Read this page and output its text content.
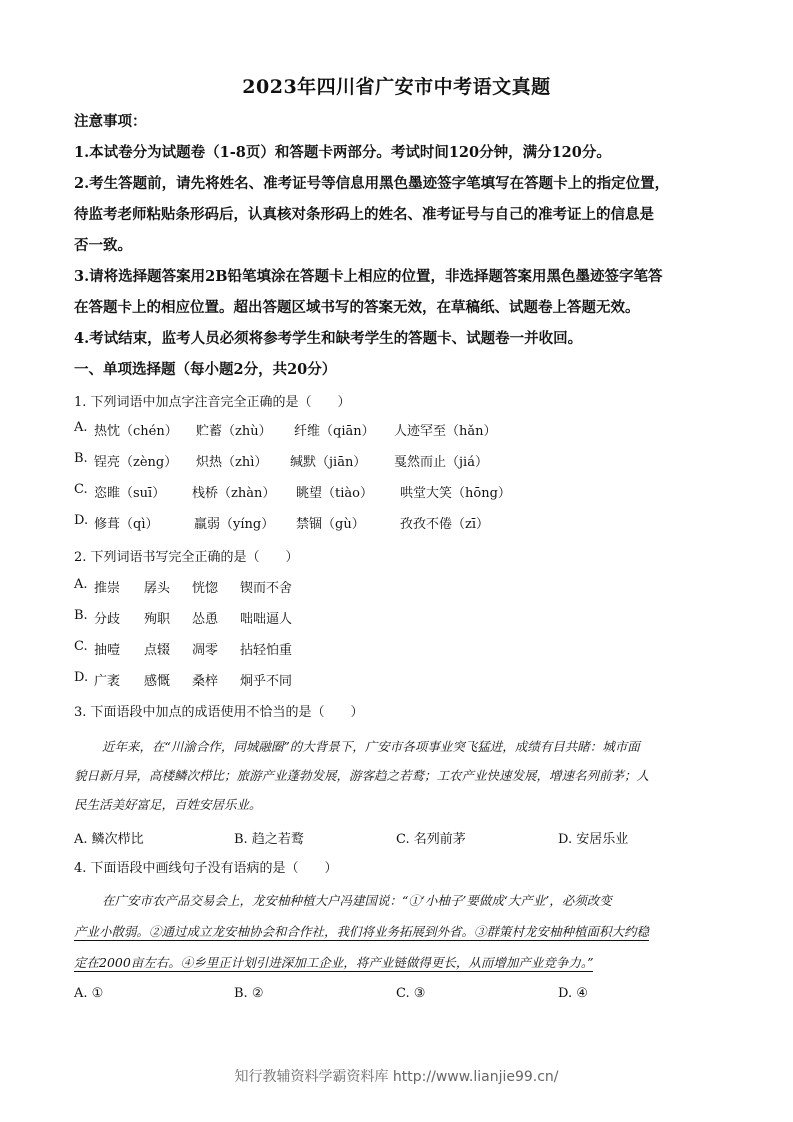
2023年四川省广安市中考语文真题
注意事项：
1.本试卷分为试题卷（1-8页）和答题卡两部分。考试时间120分钟，满分120分。
2.考生答题前，请先将姓名、准考证号等信息用黑色墨迹签字笔填写在答题卡上的指定位置，
待监考老师粘贴条形码后，认真核对条形码上的姓名、准考证号与自己的准考证上的信息是
否一致。
3.请将选择题答案用2B铅笔填涂在答题卡上相应的位置，非选择题答案用黑色墨迹签字笔答
在答题卡上的相应位置。超出答题区域书写的答案无效，在草稿纸、试题卷上答题无效。
4.考试结束，监考人员必须将参考学生和缺考学生的答题卡、试题卷一并收回。
一、单项选择题（每小题2分，共20分）
1. 下列词语中加点字注音完全正确的是（　　）
A. 热忱（chén） 贮蓄（zhù） 纤维（qiān） 人迹罕至（hǎn）
B. 锃亮（zèng） 炽热（zhì） 缄默（jiān） 戛然而止（jiá）
C. 恣睢（suī） 栈桥（zhàn） 眺望（tiào） 哄堂大笑（hōng）
D. 修葺（qì）	羸弱（yíng） 禁锢（gù）	孜孜不倦（zī）
2. 下列词语书写完全正确的是（　　）
A. 推崇 孱头 恍惚 锲而不舍
B. 分歧 殉职 怂恿 咄咄逼人
C. 抽噎 点辍 凋零 拈轻怕重
D. 广袤 感慨 桑梓 炯乎不同
3. 下面语段中加点的成语使用不恰当的是（　　）
近年来，在“川渝合作，同城融圈”的大背景下，广安市各项事业突飞猛进，成绩有目共睹：城市面
貌日新月异，高楼鳞次栉比；旅游产业蓬勃发展，游客趋之若鹜；工农产业快速发展，增速名列前茅；人
民生活美好富足，百姓安居乐业。
A. 鳞次栉比	B. 趋之若鹜	C. 名列前茅	D. 安居乐业
4. 下面语段中画线句子没有语病的是（　　）
在广安市农产品交易会上，龙安柚种植大户冯建国说：“①‘小柚子’要做成‘大产业’，必须改变
产业小散弱。②通过成立龙安柚协会和合作社，我们将业务拓展到外省。③群策村龙安柚种植面积大约稳
定在2000亩左右。④乡里正计划引进深加工企业，将产业链做得更长，从而增加产业竞争力。”
A. ①	B. ②	C. ③	D. ④
知行教辅资料学霸资料库 http://www.lianjie99.cn/
